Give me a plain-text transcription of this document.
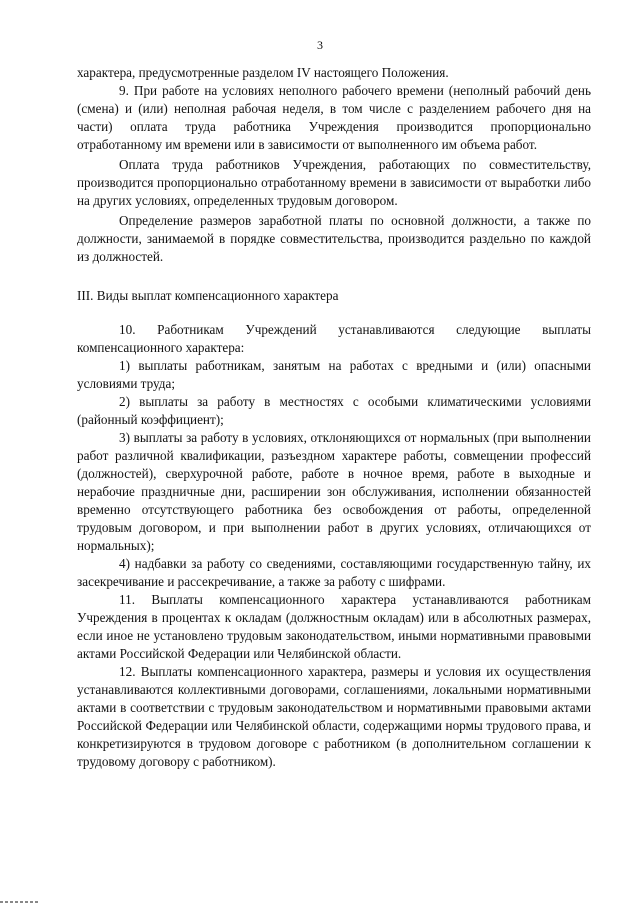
3

характера, предусмотренные разделом IV настоящего Положения.

9. При работе на условиях неполного рабочего времени (неполный рабочий день (смена) и (или) неполная рабочая неделя, в том числе с разделением рабочего дня на части) оплата труда работника Учреждения производится пропорционально отработанному им времени или в зависимости от выполненного им объема работ.

Оплата труда работников Учреждения, работающих по совместительству, производится пропорционально отработанному времени в зависимости от выработки либо на других условиях, определенных трудовым договором.

Определение размеров заработной платы по основной должности, а также по должности, занимаемой в порядке совместительства, производится раздельно по каждой из должностей.

III. Виды выплат компенсационного характера

10. Работникам Учреждений устанавливаются следующие выплаты компенсационного характера:

1) выплаты работникам, занятым на работах с вредными и (или) опасными условиями труда;

2) выплаты за работу в местностях с особыми климатическими условиями (районный коэффициент);

3) выплаты за работу в условиях, отклоняющихся от нормальных (при выполнении работ различной квалификации, разъездном характере работы, совмещении профессий (должностей), сверхурочной работе, работе в ночное время, работе в выходные и нерабочие праздничные дни, расширении зон обслуживания, исполнении обязанностей временно отсутствующего работника без освобождения от работы, определенной трудовым договором, и при выполнении работ в других условиях, отличающихся от нормальных);

4) надбавки за работу со сведениями, составляющими государственную тайну, их засекречивание и рассекречивание, а также за работу с шифрами.

11. Выплаты компенсационного характера устанавливаются работникам Учреждения в процентах к окладам (должностным окладам) или в абсолютных размерах, если иное не установлено трудовым законодательством, иными нормативными правовыми актами Российской Федерации или Челябинской области.

12. Выплаты компенсационного характера, размеры и условия их осуществления устанавливаются коллективными договорами, соглашениями, локальными нормативными актами в соответствии с трудовым законодательством и нормативными правовыми актами Российской Федерации или Челябинской области, содержащими нормы трудового права, и конкретизируются в трудовом договоре с работником (в дополнительном соглашении к трудовому договору с работником).
